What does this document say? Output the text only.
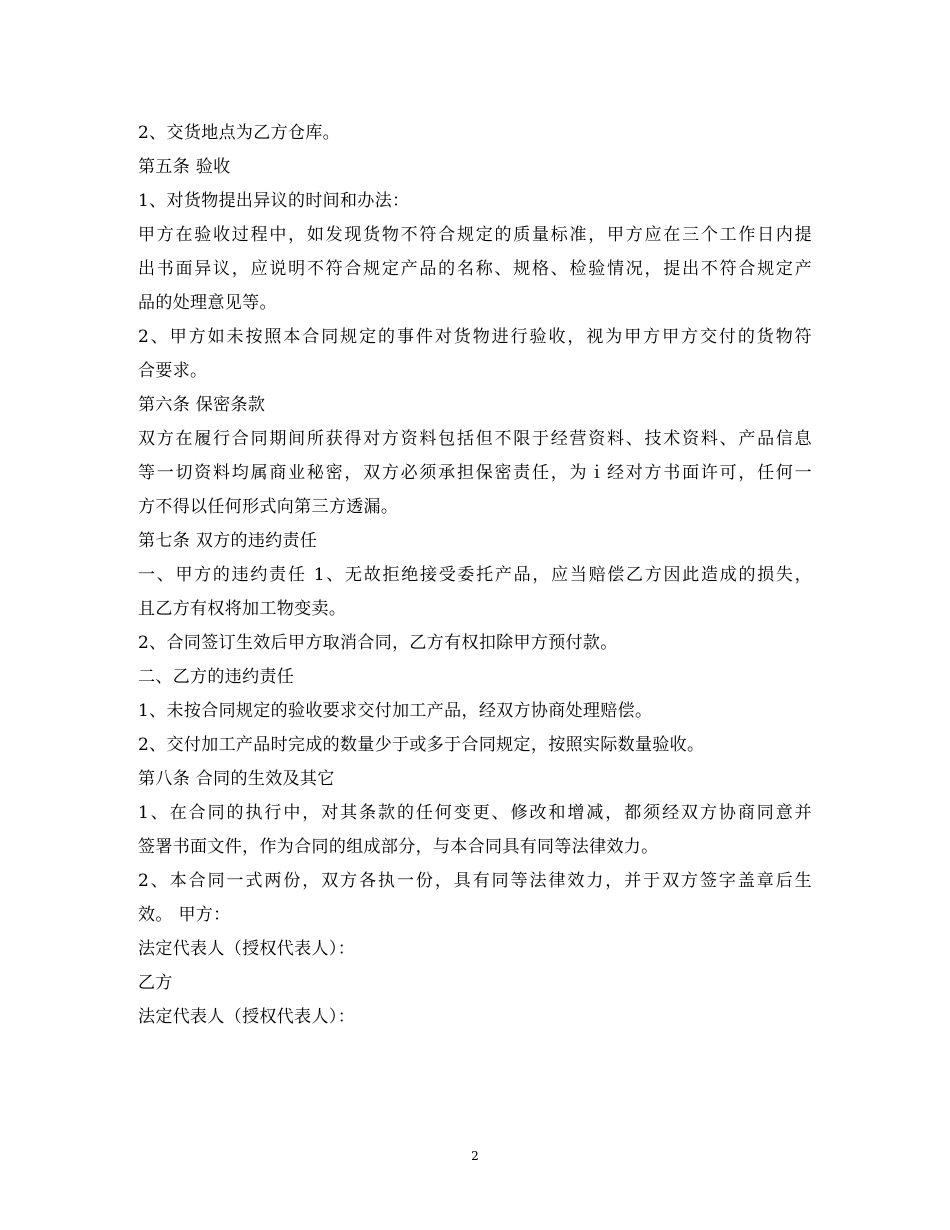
2、交货地点为乙方仓库。
第五条 验收
1、对货物提出异议的时间和办法：
甲方在验收过程中，如发现货物不符合规定的质量标准，甲方应在三个工作日内提
出书面异议，应说明不符合规定产品的名称、规格、检验情况，提出不符合规定产
品的处理意见等。
2、甲方如未按照本合同规定的事件对货物进行验收，视为甲方甲方交付的货物符
合要求。
第六条 保密条款
双方在履行合同期间所获得对方资料包括但不限于经营资料、技术资料、产品信息
等一切资料均属商业秘密，双方必须承担保密责任，为ｉ经对方书面许可，任何一
方不得以任何形式向第三方透漏。
第七条 双方的违约责任
一、甲方的违约责任 1、无故拒绝接受委托产品，应当赔偿乙方因此造成的损失，
且乙方有权将加工物变卖。
2、合同签订生效后甲方取消合同，乙方有权扣除甲方预付款。
二、乙方的违约责任
1、未按合同规定的验收要求交付加工产品，经双方协商处理赔偿。
2、交付加工产品时完成的数量少于或多于合同规定，按照实际数量验收。
第八条 合同的生效及其它
1、在合同的执行中，对其条款的任何变更、修改和增减，都须经双方协商同意并
签署书面文件，作为合同的组成部分，与本合同具有同等法律效力。
2、本合同一式两份，双方各执一份，具有同等法律效力，并于双方签字盖章后生
效。 甲方：
法定代表人（授权代表人）：
乙方
法定代表人（授权代表人）：
2
